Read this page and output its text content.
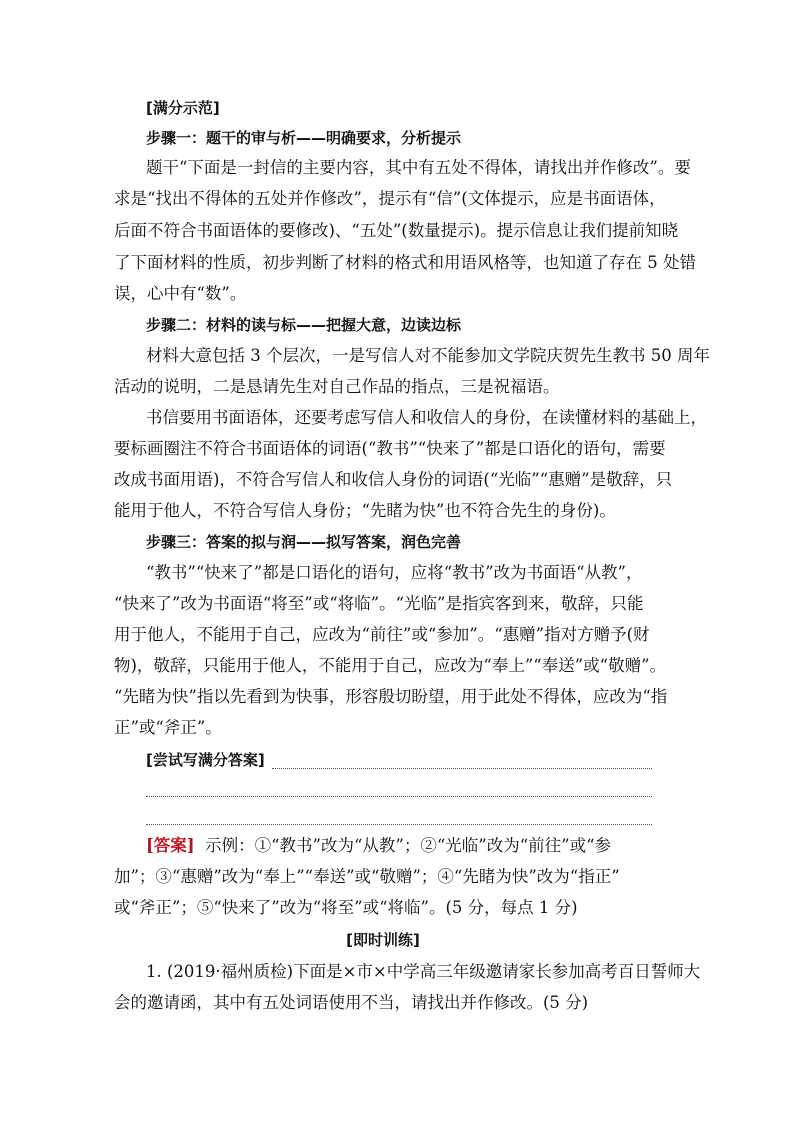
[满分示范]
步骤一：题干的审与析——明确要求，分析提示
题干“下面是一封信的主要内容，其中有五处不得体，请找出并作修改”。要
求是“找出不得体的五处并作修改”，提示有“信”(文体提示，应是书面语体，
后面不符合书面语体的要修改)、“五处”(数量提示)。提示信息让我们提前知晓
了下面材料的性质，初步判断了材料的格式和用语风格等，也知道了存在 5 处错
误，心中有“数”。
步骤二：材料的读与标——把握大意，边读边标
材料大意包括 3 个层次，一是写信人对不能参加文学院庆贺先生教书 50 周年
活动的说明，二是恳请先生对自己作品的指点，三是祝福语。
书信要用书面语体，还要考虑写信人和收信人的身份，在读懂材料的基础上，
要标画圈注不符合书面语体的词语(“教书”“快来了”都是口语化的语句，需要
改成书面用语)，不符合写信人和收信人身份的词语(“光临”“惠赠”是敬辞，只
能用于他人，不符合写信人身份；“先睹为快”也不符合先生的身份)。
步骤三：答案的拟与润——拟写答案，润色完善
“教书”“快来了”都是口语化的语句，应将“教书”改为书面语“从教”，
“快来了”改为书面语“将至”或“将临”。“光临”是指宾客到来，敬辞，只能
用于他人，不能用于自己，应改为“前往”或“参加”。“惠赠”指对方赠予(财
物)，敬辞，只能用于他人，不能用于自己，应改为“奉上”“奉送”或“敬赠”。
“先睹为快”指以先看到为快事，形容殷切盼望，用于此处不得体，应改为“指
正”或“斧正”。
[尝试写满分答案]
[答案] 示例：①“教书”改为“从教”；②“光临”改为“前往”或“参
加”；③“惠赠”改为“奉上”“奉送”或“敬赠”；④“先睹为快”改为“指正”
或“斧正”；⑤“快来了”改为“将至”或“将临”。(5 分，每点 1 分)
[即时训练]
1. (2019·福州质检)下面是×市×中学高三年级邀请家长参加高考百日誓师大
会的邀请函，其中有五处词语使用不当，请找出并作修改。(5 分)
